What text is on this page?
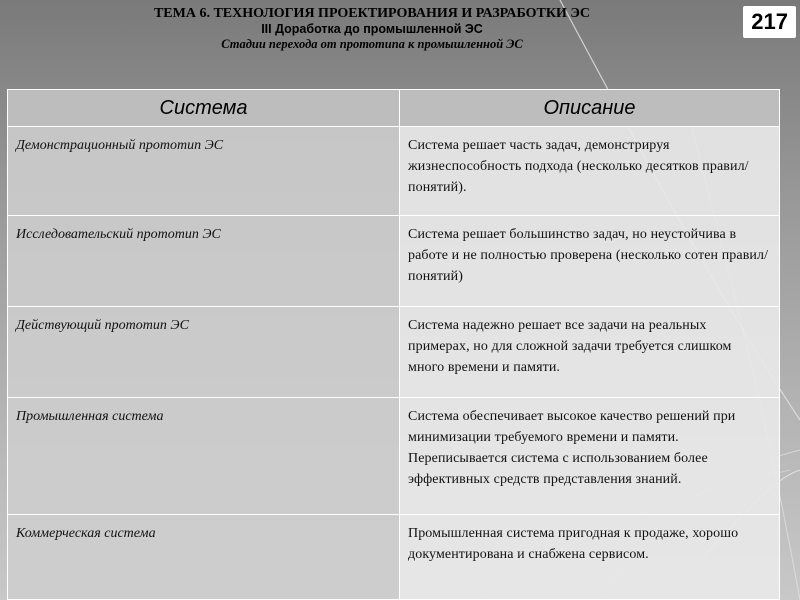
ТЕМА 6. ТЕХНОЛОГИЯ ПРОЕКТИРОВАНИЯ И РАЗРАБОТКИ ЭС
III Доработка до промышленной ЭС
Стадии перехода от прототипа к промышленной ЭС
217
Система	Описание
Демонстрационный прототип ЭС	Система решает часть задач, демонстрируя жизнеспособность подхода (несколько десятков правил/понятий).
Исследовательский прототип ЭС	Система решает большинство задач, но неустойчива в работе и не полностью проверена (несколько сотен правил/понятий)
Действующий прототип ЭС	Система надежно решает все задачи на реальных примерах, но для сложной задачи требуется слишком много времени и памяти.
Промышленная система	Система обеспечивает высокое качество решений при минимизации требуемого времени и памяти. Переписывается система с использованием более эффективных средств представления знаний.
Коммерческая система	Промышленная система пригодная к продаже, хорошо документирована и снабжена сервисом.
